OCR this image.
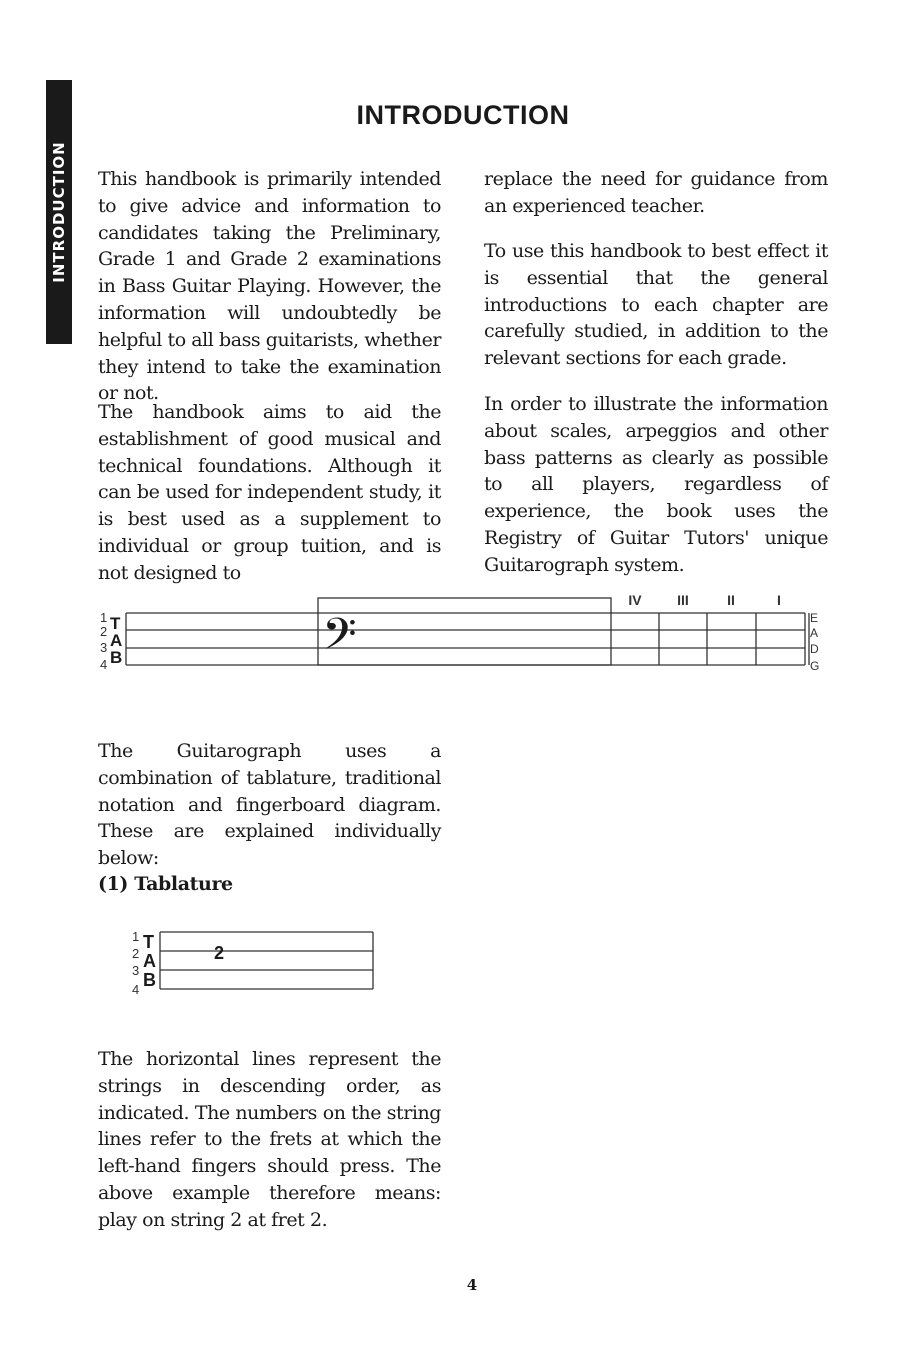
INTRODUCTION
INTRODUCTION

This handbook is primarily intended to give advice and information to candidates taking the Preliminary, Grade 1 and Grade 2 examinations in Bass Guitar Playing. However, the information will undoubtedly be helpful to all bass guitarists, whether they intend to take the examination or not.

The handbook aims to aid the establishment of good musical and technical foundations. Although it can be used for independent study, it is best used as a supplement to individual or group tuition, and is not designed to

replace the need for guidance from an experienced teacher.

To use this handbook to best effect it is essential that the general introductions to each chapter are carefully studied, in addition to the relevant sections for each grade.

In order to illustrate the information about scales, arpeggios and other bass patterns as clearly as possible to all players, regardless of experience, the book uses the Registry of Guitar Tutors' unique Guitarograph system.

𝄢
1
2
3
4
T
A
B
IV	III	II	I
E
A
D
G

The Guitarograph uses a combination of tablature, traditional notation and fingerboard diagram. These are explained individually below:

(1) Tablature
1
2
3
4
T
A
B
2

The horizontal lines represent the strings in descending order, as indicated. The numbers on the string lines refer to the frets at which the left-hand fingers should press. The above example therefore means: play on string 2 at fret 2.

4
